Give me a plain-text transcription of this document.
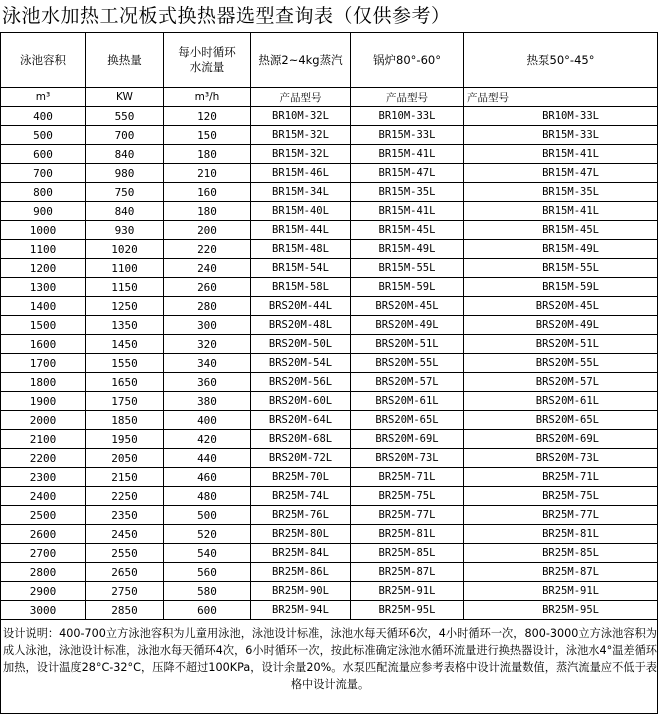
泳池水加热工况板式换热器选型查询表（仅供参考）
泳池容积	换热量	每小时循环
水流量	热源2~4kg蒸汽	锅炉80°-60°	热泵50°-45°
m³	KW	m³/h	产品型号	产品型号	产品型号
400	550	120	BR10M-32L	BR10M-33L	BR10M-33L
500	700	150	BR15M-32L	BR15M-33L	BR15M-33L
600	840	180	BR15M-32L	BR15M-41L	BR15M-41L
700	980	210	BR15M-46L	BR15M-47L	BR15M-47L
800	750	160	BR15M-34L	BR15M-35L	BR15M-35L
900	840	180	BR15M-40L	BR15M-41L	BR15M-41L
1000	930	200	BR15M-44L	BR15M-45L	BR15M-45L
1100	1020	220	BR15M-48L	BR15M-49L	BR15M-49L
1200	1100	240	BR15M-54L	BR15M-55L	BR15M-55L
1300	1150	260	BR15M-58L	BR15M-59L	BR15M-59L
1400	1250	280	BRS20M-44L	BRS20M-45L	BRS20M-45L
1500	1350	300	BRS20M-48L	BRS20M-49L	BRS20M-49L
1600	1450	320	BRS20M-50L	BRS20M-51L	BRS20M-51L
1700	1550	340	BRS20M-54L	BRS20M-55L	BRS20M-55L
1800	1650	360	BRS20M-56L	BRS20M-57L	BRS20M-57L
1900	1750	380	BRS20M-60L	BRS20M-61L	BRS20M-61L
2000	1850	400	BRS20M-64L	BRS20M-65L	BRS20M-65L
2100	1950	420	BRS20M-68L	BRS20M-69L	BRS20M-69L
2200	2050	440	BRS20M-72L	BRS20M-73L	BRS20M-73L
2300	2150	460	BR25M-70L	BR25M-71L	BR25M-71L
2400	2250	480	BR25M-74L	BR25M-75L	BR25M-75L
2500	2350	500	BR25M-76L	BR25M-77L	BR25M-77L
2600	2450	520	BR25M-80L	BR25M-81L	BR25M-81L
2700	2550	540	BR25M-84L	BR25M-85L	BR25M-85L
2800	2650	560	BR25M-86L	BR25M-87L	BR25M-87L
2900	2750	580	BR25M-90L	BR25M-91L	BR25M-91L
3000	2850	600	BR25M-94L	BR25M-95L	BR25M-95L
设计说明：400-700立方泳池容积为儿童用泳池，泳池设计标准，泳池水每天循环6次，4小时循环一次，800-3000立方泳池容积为成人泳池，泳池设计标准，泳池水每天循环4次，6小时循环一次，按此标准确定泳池水循环流量进行换热器设计，泳池水4°温差循环加热，设计温度28°C-32°C，压降不超过100KPa，设计余量20%。水泵匹配流量应参考表格中设计流量数值，蒸汽流量应不低于表格中设计流量。
